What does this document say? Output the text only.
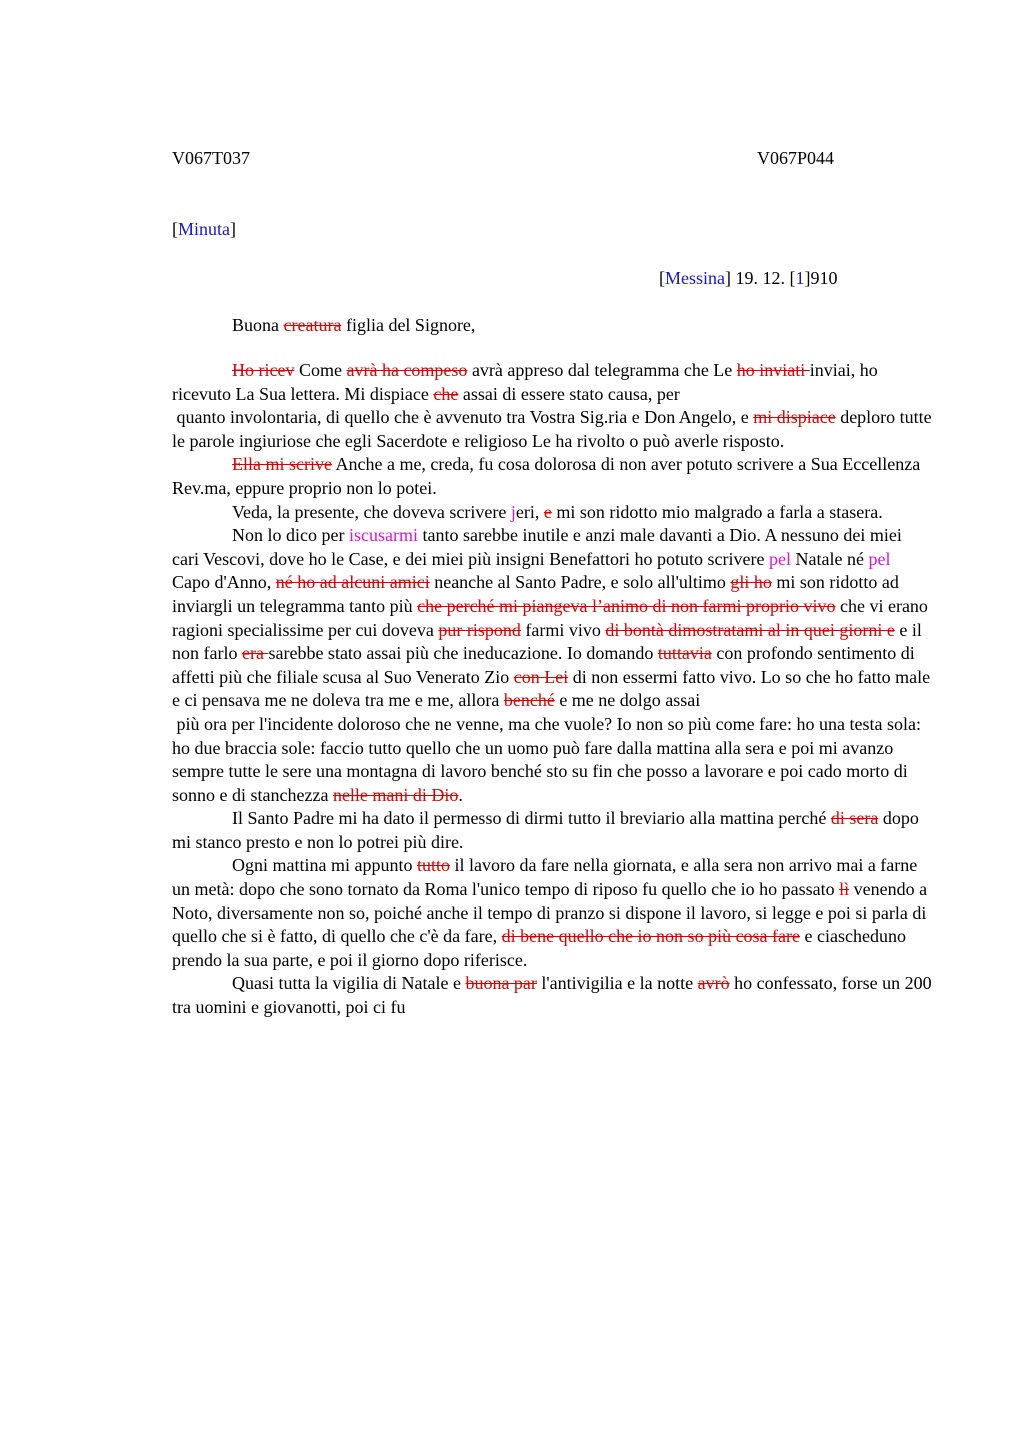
V067T037	V067P044
[Minuta]
[Messina] 19. 12. [1]910
Buona creatura figlia del Signore,

Ho ricev Come avrà ha compeso avrà appreso dal telegramma che Le ho inviati inviai, ho ricevuto La Sua lettera. Mi dispiace che assai di essere stato causa, per
quanto involontaria, di quello che è avvenuto tra Vostra Sig.ria e Don Angelo, e mi dispiace deploro tutte le parole ingiuriose che egli Sacerdote e religioso Le ha rivolto o può averle risposto.

Ella mi scrive Anche a me, creda, fu cosa dolorosa di non aver potuto scrivere a Sua Eccellenza Rev.ma, eppure proprio non lo potei.

Veda, la presente, che doveva scrivere jeri, e mi son ridotto mio malgrado a farla a stasera.

Non lo dico per iscusarmi tanto sarebbe inutile e anzi male davanti a Dio. A nessuno dei miei cari Vescovi, dove ho le Case, e dei miei più insigni Benefattori ho potuto scrivere pel Natale né pel Capo d'Anno, né ho ad alcuni amici neanche al Santo Padre, e solo all'ultimo gli ho mi son ridotto ad inviargli un telegramma tanto più che perché mi piangeva l’animo di non farmi proprio vivo che vi erano ragioni specialissime per cui doveva pur rispond farmi vivo di bontà dimostratami al in quei giorni e e il non farlo era sarebbe stato assai più che ineducazione. Io domando tuttavia con profondo sentimento di affetti più che filiale scusa al Suo Venerato Zio con Lei di non essermi fatto vivo. Lo so che ho fatto male e ci pensava me ne doleva tra me e me, allora benché e me ne dolgo assai
più ora per l'incidente doloroso che ne venne, ma che vuole? Io non so più come fare: ho una testa sola: ho due braccia sole: faccio tutto quello che un uomo può fare dalla mattina alla sera e poi mi avanzo sempre tutte le sere una montagna di lavoro benché sto su fin che posso a lavorare e poi cado morto di sonno e di stanchezza nelle mani di Dio.

Il Santo Padre mi ha dato il permesso di dirmi tutto il breviario alla mattina perché di sera dopo mi stanco presto e non lo potrei più dire.

Ogni mattina mi appunto tutto il lavoro da fare nella giornata, e alla sera non arrivo mai a farne un metà: dopo che sono tornato da Roma l'unico tempo di riposo fu quello che io ho passato lì venendo a Noto, diversamente non so, poiché anche il tempo di pranzo si dispone il lavoro, si legge e poi si parla di quello che si è fatto, di quello che c'è da fare, di bene quello che io non so più cosa fare e ciascheduno prendo la sua parte, e poi il giorno dopo riferisce.

Quasi tutta la vigilia di Natale e buona par l'antivigilia e la notte avrò ho confessato, forse un 200 tra uomini e giovanotti, poi ci fu
